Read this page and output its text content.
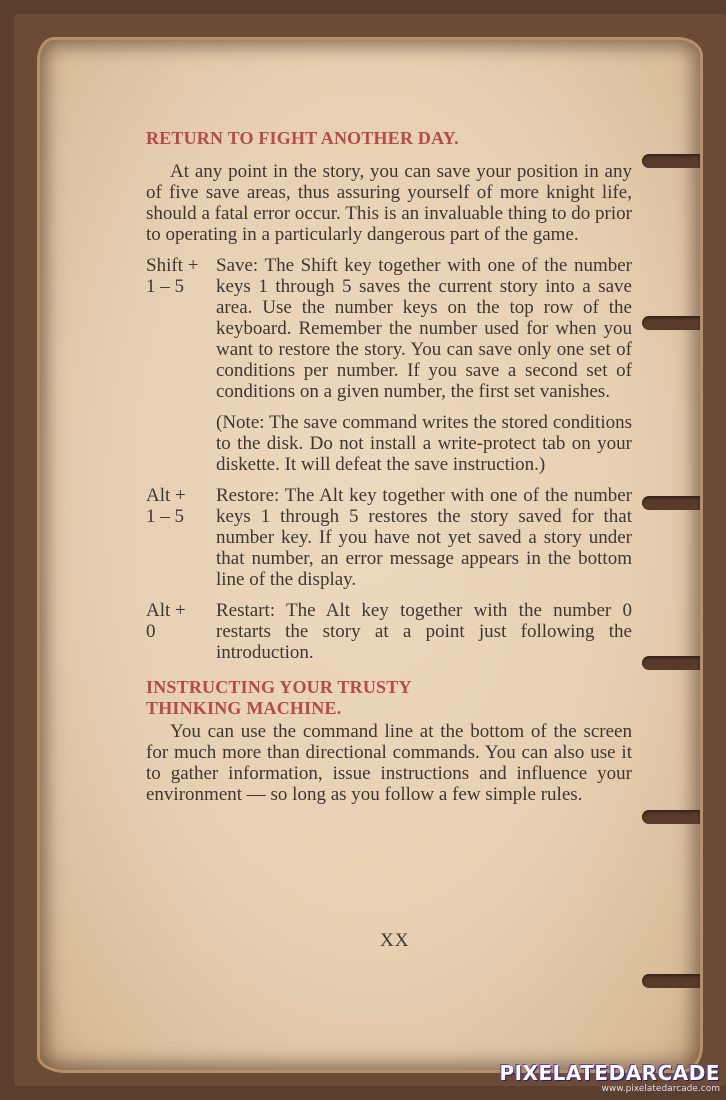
RETURN TO FIGHT ANOTHER DAY.

At any point in the story, you can save your position in any of five save areas, thus assuring yourself of more knight life, should a fatal error occur. This is an invaluable thing to do prior to operating in a particularly dangerous part of the game.

Shift +
1 – 5
Save: The Shift key together with one of the number keys 1 through 5 saves the current story into a save area. Use the number keys on the top row of the keyboard. Remember the number used for when you want to restore the story. You can save only one set of conditions per number. If you save a second set of conditions on a given number, the first set vanishes.

(Note: The save command writes the stored conditions to the disk. Do not install a write-protect tab on your diskette. It will defeat the save instruction.)

Alt +
1 – 5
Restore: The Alt key together with one of the number keys 1 through 5 restores the story saved for that number key. If you have not yet saved a story under that number, an error message appears in the bottom line of the display.
Alt +
0
Restart: The Alt key together with the number 0 restarts the story at a point just following the introduction.
INSTRUCTING YOUR TRUSTY
THINKING MACHINE.

You can use the command line at the bottom of the screen for much more than directional commands. You can also use it to gather information, issue instructions and influence your environment — so long as you follow a few simple rules.

XX
PIXELATEDARCADE
www.pixelatedarcade.com
